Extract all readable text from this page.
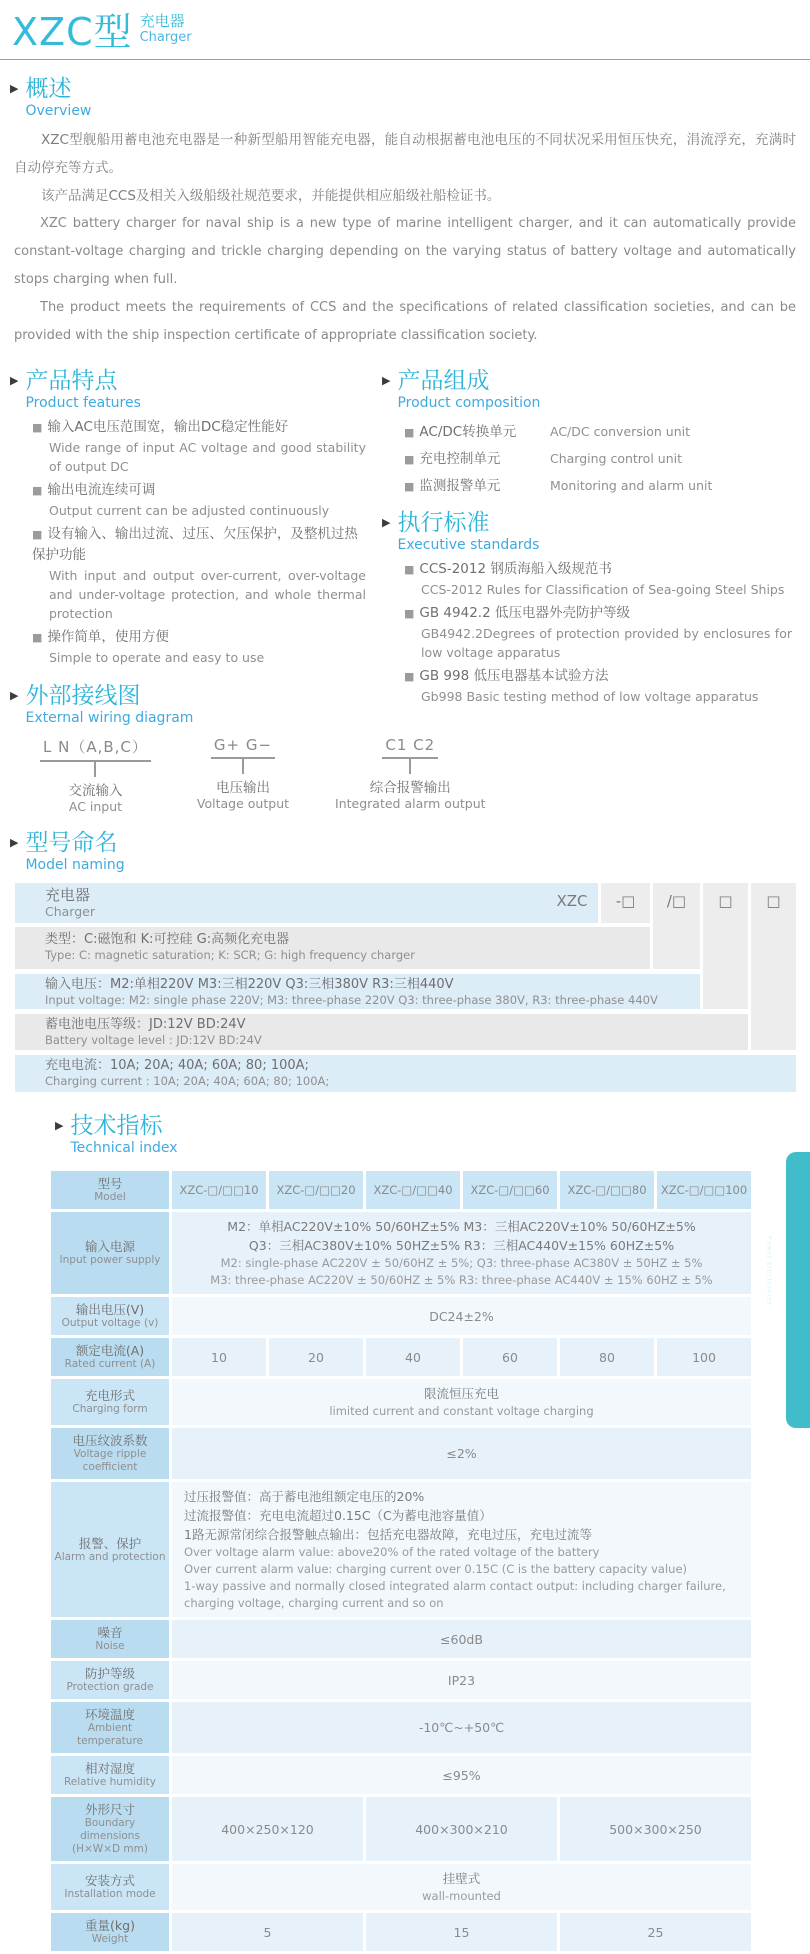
XZC型 充电器
Charger
▶ 概述
Overview

XZC型舰船用蓄电池充电器是一种新型船用智能充电器，能自动根据蓄电池电压的不同状况采用恒压快充，涓流浮充，充满时自动停充等方式。

该产品满足CCS及相关入级船级社规范要求，并能提供相应船级社船检证书。

XZC battery charger for naval ship is a new type of marine intelligent charger, and it can automatically provide constant-voltage charging and trickle charging depending on the varying status of battery voltage and automatically stops charging when full.

The product meets the requirements of CCS and the specifications of related classification societies, and can be provided with the ship inspection certificate of appropriate classification society.

▶ 产品特点
Product features
■ 输入AC电压范围宽，输出DC稳定性能好
Wide range of input AC voltage and good stability of output DC
■ 输出电流连续可调
Output current can be adjusted continuously
■ 设有输入、输出过流、过压、欠压保护，及整机过热保护功能
With input and output over-current, over-voltage and under-voltage protection, and whole thermal protection
■ 操作简单，使用方便
Simple to operate and easy to use
▶ 外部接线图
External wiring diagram
▶ 产品组成
Product composition
■ AC/DC转换单元	AC/DC conversion unit
■ 充电控制单元	Charging control unit
■ 监测报警单元	Monitoring and alarm unit
▶ 执行标准
Executive standards
■ CCS-2012 钢质海船入级规范书
CCS-2012 Rules for Classification of Sea-going Steel Ships
■ GB 4942.2 低压电器外壳防护等级
GB4942.2Degrees of protection provided by enclosures for low voltage apparatus
■ GB 998 低压电器基本试验方法
Gb998 Basic testing method of low voltage apparatus
L N（A,B,C）
交流输入
AC input
G+ G−
电压输出
Voltage output
C1 C2
综合报警输出
Integrated alarm output
▶ 型号命名
Model naming
充电器
Charger
XZC	-□	/□	□	□
类型：C:磁饱和 K:可控硅 G:高频化充电器
Type: C: magnetic saturation; K: SCR; G: high frequency charger
输入电压：M2:单相220V M3:三相220V Q3:三相380V R3:三相440V
Input voltage: M2: single phase 220V; M3: three-phase 220V Q3: three-phase 380V, R3: three-phase 440V
蓄电池电压等级：JD:12V BD:24V
Battery voltage level : JD:12V BD:24V
充电电流：10A; 20A; 40A; 60A; 80; 100A;
Charging current : 10A; 20A; 40A; 60A; 80; 100A;
▶ 技术指标
Technical index
型号
Model	XZC-□/□□10	XZC-□/□□20	XZC-□/□□40	XZC-□/□□60	XZC-□/□□80	XZC-□/□□100

输入电源
Input power supply

M2：单相AC220V±10% 50/60HZ±5% M3：三相AC220V±10% 50/60HZ±5%
Q3：三相AC380V±10% 50HZ±5% R3：三相AC440V±15% 60HZ±5%
M2: single-phase AC220V ± 50/60HZ ± 5%; Q3: three-phase AC380V ± 50HZ ± 5%
M3: three-phase AC220V ± 50/60HZ ± 5% R3: three-phase AC440V ± 15% 60HZ ± 5%

输出电压(V)
Output voltage (v)	DC24±2%					

额定电流(A)
Rated current (A)	10	20	40	60	80	100

充电形式
Charging form

限流恒压充电
limited current and constant voltage charging

电压纹波系数
Voltage ripple coefficient	≤2%					

报警、保护
Alarm and protection

过压报警值：高于蓄电池组额定电压的20%
过流报警值：充电电流超过0.15C（C为蓄电池容量值）
1路无源常闭综合报警触点输出：包括充电器故障，充电过压，充电过流等
Over voltage alarm value: above20% of the rated voltage of the battery
Over current alarm value: charging current over 0.15C (C is the battery capacity value)
1-way passive and normally closed integrated alarm contact output: including charger failure, charging voltage, charging current and so on

噪音
Noise	≤60dB					

防护等级
Protection grade	IP23					

环境温度
Ambient temperature	-10℃~+50℃					

相对湿度
Relative humidity	≤95%					

外形尺寸
Boundary dimensions
(H×W×D mm)	400×250×120		400×300×210		500×300×250	

安装方式
Installation mode

挂壁式
wall-mounted

重量(kg)
Weight	5		15		25	
电子电力系列 Power Electronics
